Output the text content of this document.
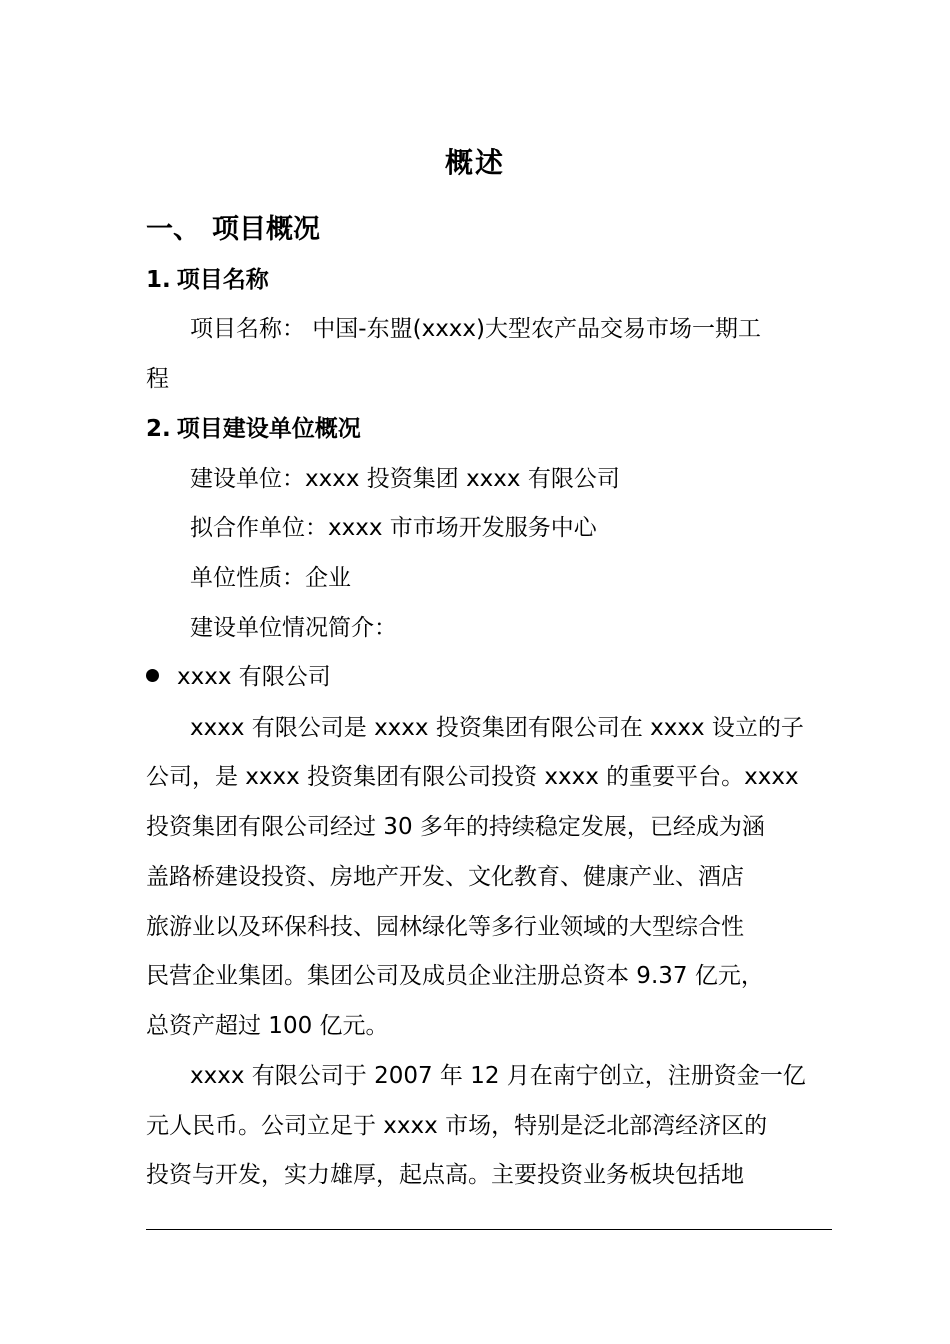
概述
一、 项目概况
1. 项目名称
项目名称： 中国-东盟(xxxx)大型农产品交易市场一期工
程
2. 项目建设单位概况
建设单位：xxxx 投资集团 xxxx 有限公司
拟合作单位：xxxx 市市场开发服务中心
单位性质：企业
建设单位情况简介：
xxxx 有限公司
xxxx 有限公司是 xxxx 投资集团有限公司在 xxxx 设立的子
公司，是 xxxx 投资集团有限公司投资 xxxx 的重要平台。xxxx
投资集团有限公司经过 30 多年的持续稳定发展，已经成为涵
盖路桥建设投资、房地产开发、文化教育、健康产业、酒店
旅游业以及环保科技、园林绿化等多行业领域的大型综合性
民营企业集团。集团公司及成员企业注册总资本 9.37 亿元，
总资产超过 100 亿元。
xxxx 有限公司于 2007 年 12 月在南宁创立，注册资金一亿
元人民币。公司立足于 xxxx 市场，特别是泛北部湾经济区的
投资与开发，实力雄厚，起点高。主要投资业务板块包括地
